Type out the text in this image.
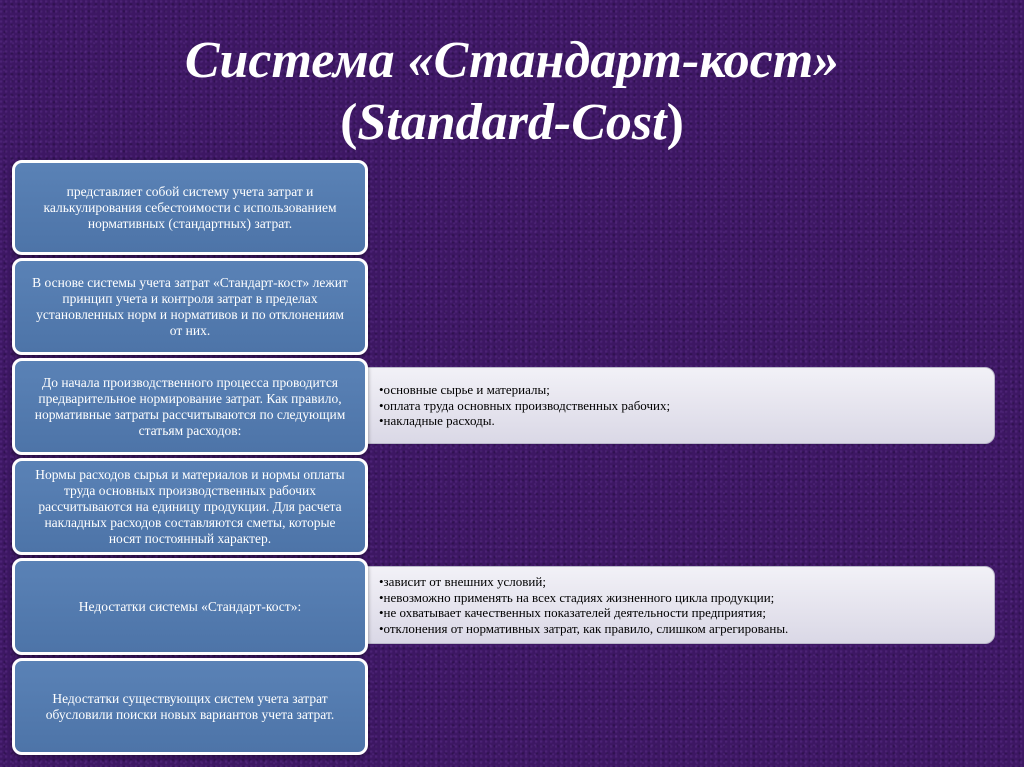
Система «Стандарт-кост»
(Standard-Cost)
•основные сырье и материалы;
•оплата труда основных производственных рабочих;
•накладные расходы.
•зависит от внешних условий;
•невозможно применять на всех стадиях жизненного цикла продукции;
•не охватывает качественных показателей деятельности предприятия;
•отклонения от нормативных затрат, как правило, слишком агрегированы.
представляет собой систему учета затрат и калькулирования себестоимости с использованием нормативных (стандартных) затрат.
В основе системы учета затрат «Стандарт-кост» лежит принцип учета и контроля затрат в пределах установленных норм и нормативов и по отклонениям от них.
До начала производственного процесса проводится предварительное нормирование затрат. Как правило, нормативные затраты рассчитываются по следующим статьям расходов:
Нормы расходов сырья и материалов и нормы оплаты труда основных производственных рабочих рассчитываются на единицу продукции. Для расчета накладных расходов составляются сметы, которые носят постоянный характер.
Недостатки системы «Стандарт-кост»:
Недостатки существующих систем учета затрат обусловили поиски новых вариантов учета затрат.
